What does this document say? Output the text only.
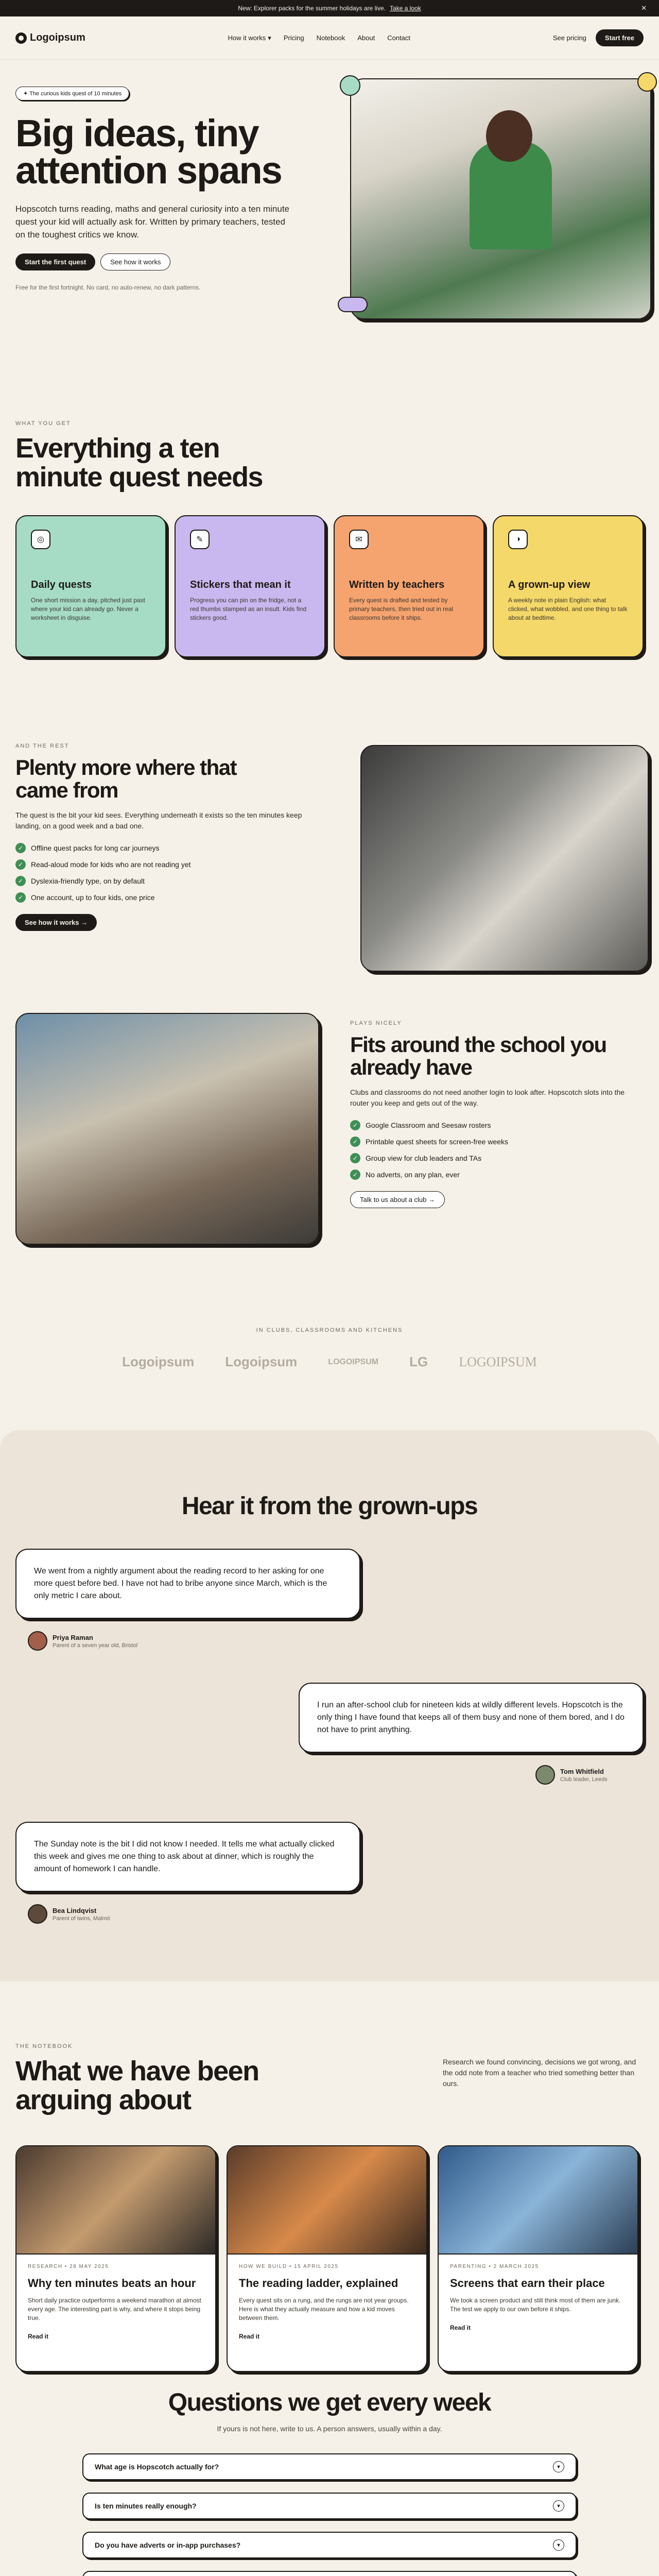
New: Explorer packs for the summer holidays are live. Take a look	✕
Logoipsum	How it works ▾ Pricing Notebook About Contact	See pricing	Start free
✦ The curious kids quest of 10 minutes
Big ideas, tiny attention spans

Hopscotch turns reading, maths and general curiosity into a ten minute quest your kid will actually ask for. Written by primary teachers, tested on the toughest critics we know.

Start the first quest	See how it works

Free for the first fortnight. No card, no auto-renew, no dark patterns.

WHAT YOU GET
Everything a ten minute quest needs
◎
Daily quests

One short mission a day, pitched just past where your kid can already go. Never a worksheet in disguise.

✎
Stickers that mean it

Progress you can pin on the fridge, not a red thumbs stamped as an insult. Kids find stickers good.

✉
Written by teachers

Every quest is drafted and tested by primary teachers, then tried out in real classrooms before it ships.

◑
A grown-up view

A weekly note in plain English: what clicked, what wobbled, and one thing to talk about at bedtime.

AND THE REST
Plenty more where that came from

The quest is the bit your kid sees. Everything underneath it exists so the ten minutes keep landing, on a good week and a bad one.

✓	Offline quest packs for long car journeys
✓	Read-aloud mode for kids who are not reading yet
✓	Dyslexia-friendly type, on by default
✓	One account, up to four kids, one price
See how it works →
PLAYS NICELY
Fits around the school you already have

Clubs and classrooms do not need another login to look after. Hopscotch slots into the router you keep and gets out of the way.

✓	Google Classroom and Seesaw rosters
✓	Printable quest sheets for screen-free weeks
✓	Group view for club leaders and TAs
✓	No adverts, on any plan, ever
Talk to us about a club →
IN CLUBS, CLASSROOMS AND KITCHENS
Logoipsum Logoipsum	LOGOIPSUM LG LOGOIPSUM
Hear it from the grown-ups

We went from a nightly argument about the reading record to her asking for one more quest before bed. I have not had to bribe anyone since March, which is the only metric I care about.

Priya Raman
Parent of a seven year old, Bristol

I run an after-school club for nineteen kids at wildly different levels. Hopscotch is the only thing I have found that keeps all of them busy and none of them bored, and I do not have to print anything.

Tom Whitfield
Club leader, Leeds

The Sunday note is the bit I did not know I needed. It tells me what actually clicked this week and gives me one thing to ask about at dinner, which is roughly the amount of homework I can handle.

Bea Lindqvist
Parent of twins, Malmö
THE NOTEBOOK
What we have been arguing about

Research we found convincing, decisions we got wrong, and the odd note from a teacher who tried something better than ours.

RESEARCH • 28 MAY 2025
Why ten minutes beats an hour

Short daily practice outperforms a weekend marathon at almost every age. The interesting part is why, and where it stops being true.

Read it
HOW WE BUILD • 15 APRIL 2025
The reading ladder, explained

Every quest sits on a rung, and the rungs are not year groups. Here is what they actually measure and how a kid moves between them.

Read it
PARENTING • 2 MARCH 2025
Screens that earn their place

We took a screen product and still think most of them are junk. The test we apply to our own before it ships.

Read it
Questions we get every week

If yours is not here, write to us. A person answers, usually within a day.

What age is Hopscotch actually for?	▾
Is ten minutes really enough?	▾
Do you have adverts or in-app purchases?	▾
